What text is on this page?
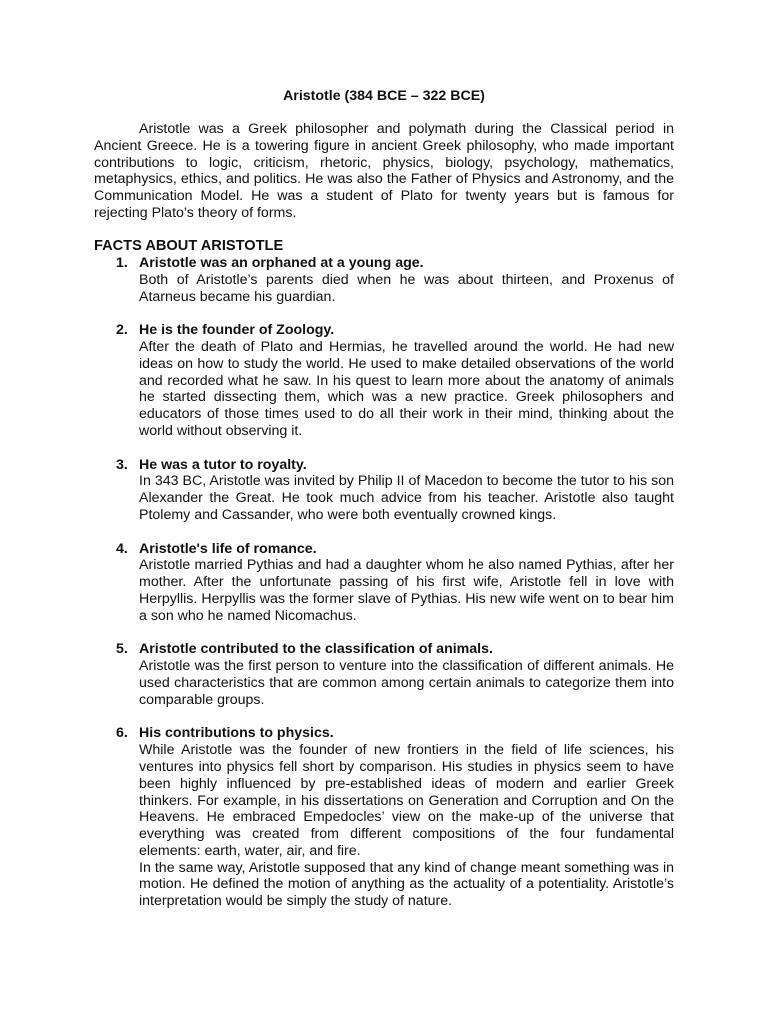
Aristotle (384 BCE – 322 BCE)

Aristotle was a Greek philosopher and polymath during the Classical period in Ancient Greece. He is a towering figure in ancient Greek philosophy, who made important contributions to logic, criticism, rhetoric, physics, biology, psychology, mathematics, metaphysics, ethics, and politics. He was also the Father of Physics and Astronomy, and the Communication Model. He was a student of Plato for twenty years but is famous for rejecting Plato’s theory of forms.

FACTS ABOUT ARISTOTLE
1. Aristotle was an orphaned at a young age.

Both of Aristotle’s parents died when he was about thirteen, and Proxenus of Atarneus became his guardian.

2. He is the founder of Zoology.

After the death of Plato and Hermias, he travelled around the world. He had new ideas on how to study the world. He used to make detailed observations of the world and recorded what he saw. In his quest to learn more about the anatomy of animals he started dissecting them, which was a new practice. Greek philosophers and educators of those times used to do all their work in their mind, thinking about the world without observing it.

3. He was a tutor to royalty.

In 343 BC, Aristotle was invited by Philip II of Macedon to become the tutor to his son Alexander the Great. He took much advice from his teacher. Aristotle also taught Ptolemy and Cassander, who were both eventually crowned kings.

4. Aristotle's life of romance.

Aristotle married Pythias and had a daughter whom he also named Pythias, after her mother. After the unfortunate passing of his first wife, Aristotle fell in love with Herpyllis. Herpyllis was the former slave of Pythias. His new wife went on to bear him a son who he named Nicomachus.

5. Aristotle contributed to the classification of animals.

Aristotle was the first person to venture into the classification of different animals. He used characteristics that are common among certain animals to categorize them into comparable groups.

6. His contributions to physics.

While Aristotle was the founder of new frontiers in the field of life sciences, his ventures into physics fell short by comparison. His studies in physics seem to have been highly influenced by pre-established ideas of modern and earlier Greek thinkers. For example, in his dissertations on Generation and Corruption and On the Heavens. He embraced Empedocles’ view on the make-up of the universe that everything was created from different compositions of the four fundamental elements: earth, water, air, and fire.

In the same way, Aristotle supposed that any kind of change meant something was in motion. He defined the motion of anything as the actuality of a potentiality. Aristotle’s interpretation would be simply the study of nature.
